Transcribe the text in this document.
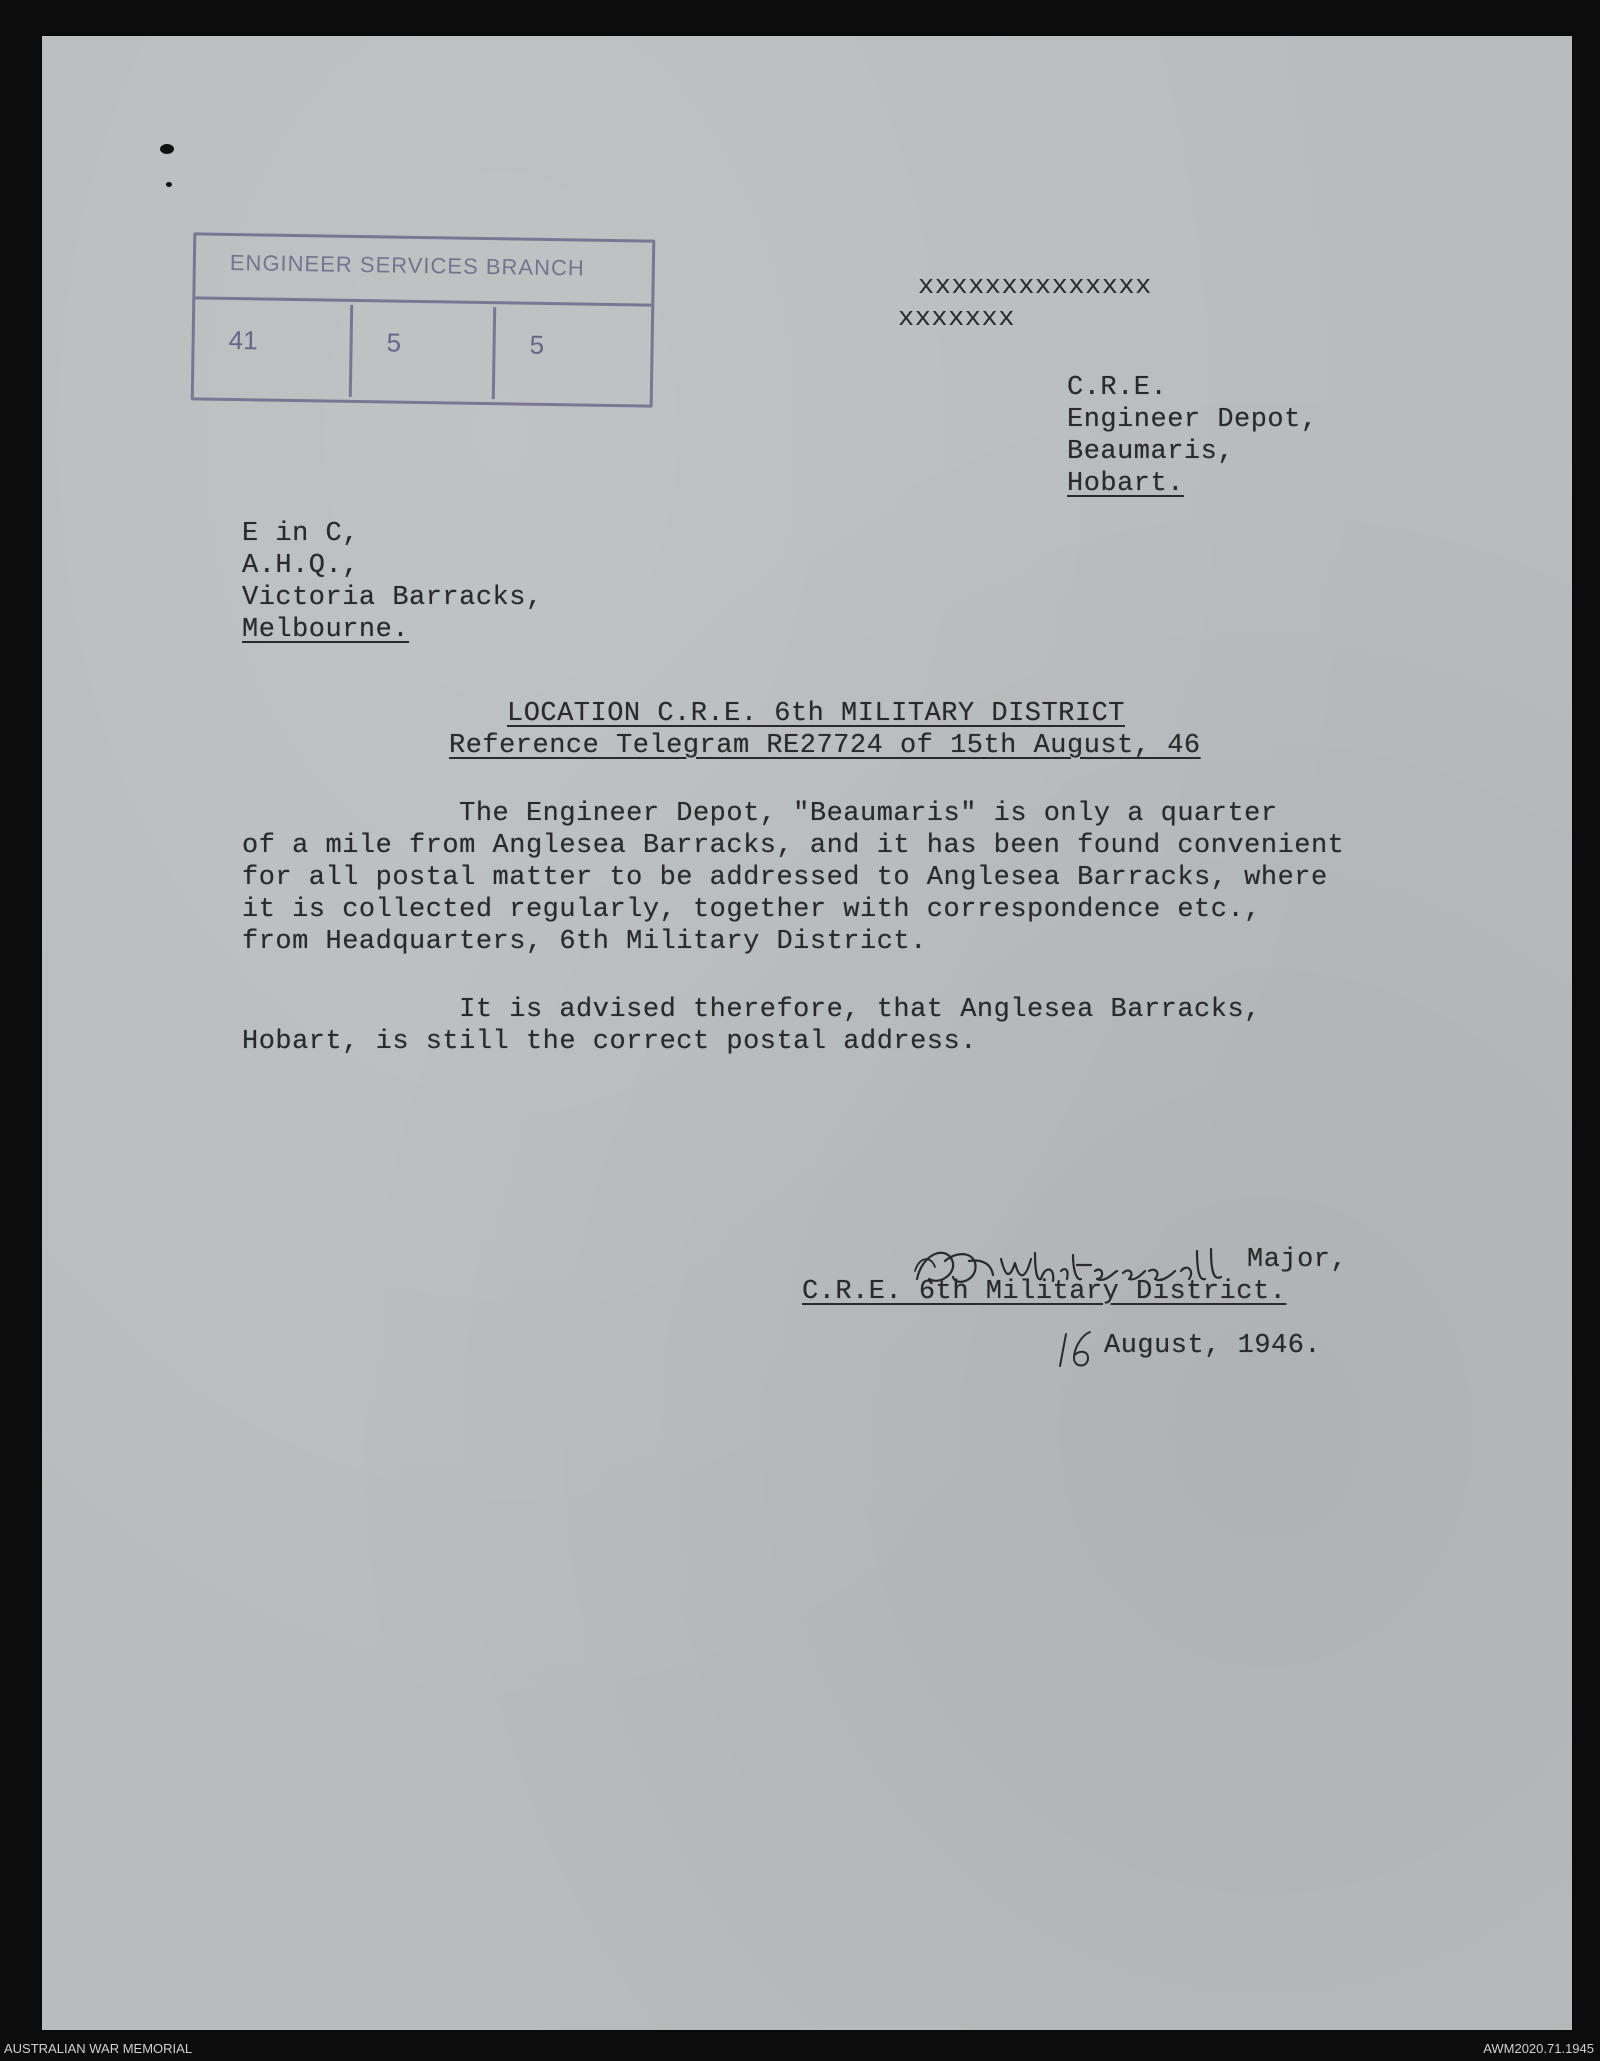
ENGINEER SERVICES BRANCH
41	5	5
xxxxxxxxxxxxxx
xxxxxxx
C.R.E.
Engineer Depot,
Beaumaris,
Hobart.
E in C,
A.H.Q.,
Victoria Barracks,
Melbourne.
LOCATION C.R.E. 6th MILITARY DISTRICT
Reference Telegram RE27724 of 15th August, 46
The Engineer Depot, "Beaumaris" is only a quarter
of a mile from Anglesea Barracks, and it has been found convenient
for all postal matter to be addressed to Anglesea Barracks, where
it is collected regularly, together with correspondence etc.,
from Headquarters, 6th Military District.
It is advised therefore, that Anglesea Barracks,
Hobart, is still the correct postal address.
Major,
C.R.E. 6th Military District.
August, 1946.
AUSTRALIAN WAR MEMORIAL	AWM2020.71.1945
